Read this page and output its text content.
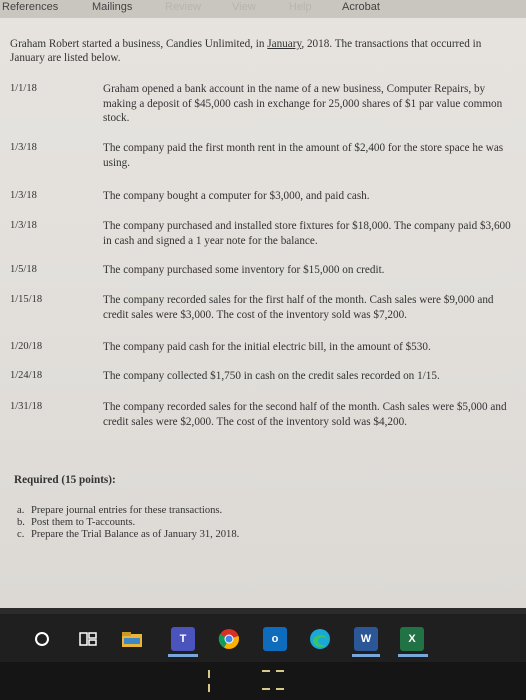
References	Mailings	Review	View	Help	Acrobat
Graham Robert started a business, Candies Unlimited, in January, 2018. The transactions that occurred in January are listed below.
1/1/18	Graham opened a bank account in the name of a new business, Computer Repairs, by making a deposit of $45,000 cash in exchange for 25,000 shares of $1 par value common stock.
1/3/18	The company paid the first month rent in the amount of $2,400 for the store space he was using.
1/3/18	The company bought a computer for $3,000, and paid cash.
1/3/18	The company purchased and installed store fixtures for $18,000. The company paid $3,600 in cash and signed a 1 year note for the balance.
1/5/18	The company purchased some inventory for $15,000 on credit.
1/15/18	The company recorded sales for the first half of the month. Cash sales were $9,000 and credit sales were $3,000. The cost of the inventory sold was $7,200.
1/20/18	The company paid cash for the initial electric bill, in the amount of $530.
1/24/18	The company collected $1,750 in cash on the credit sales recorded on 1/15.
1/31/18	The company recorded sales for the second half of the month. Cash sales were $5,000 and credit sales were $2,000. The cost of the inventory sold was $4,200.
Required (15 points):
a. Prepare journal entries for these transactions.
b. Post them to T-accounts.
c. Prepare the Trial Balance as of January 31, 2018.
T	o	W	X
